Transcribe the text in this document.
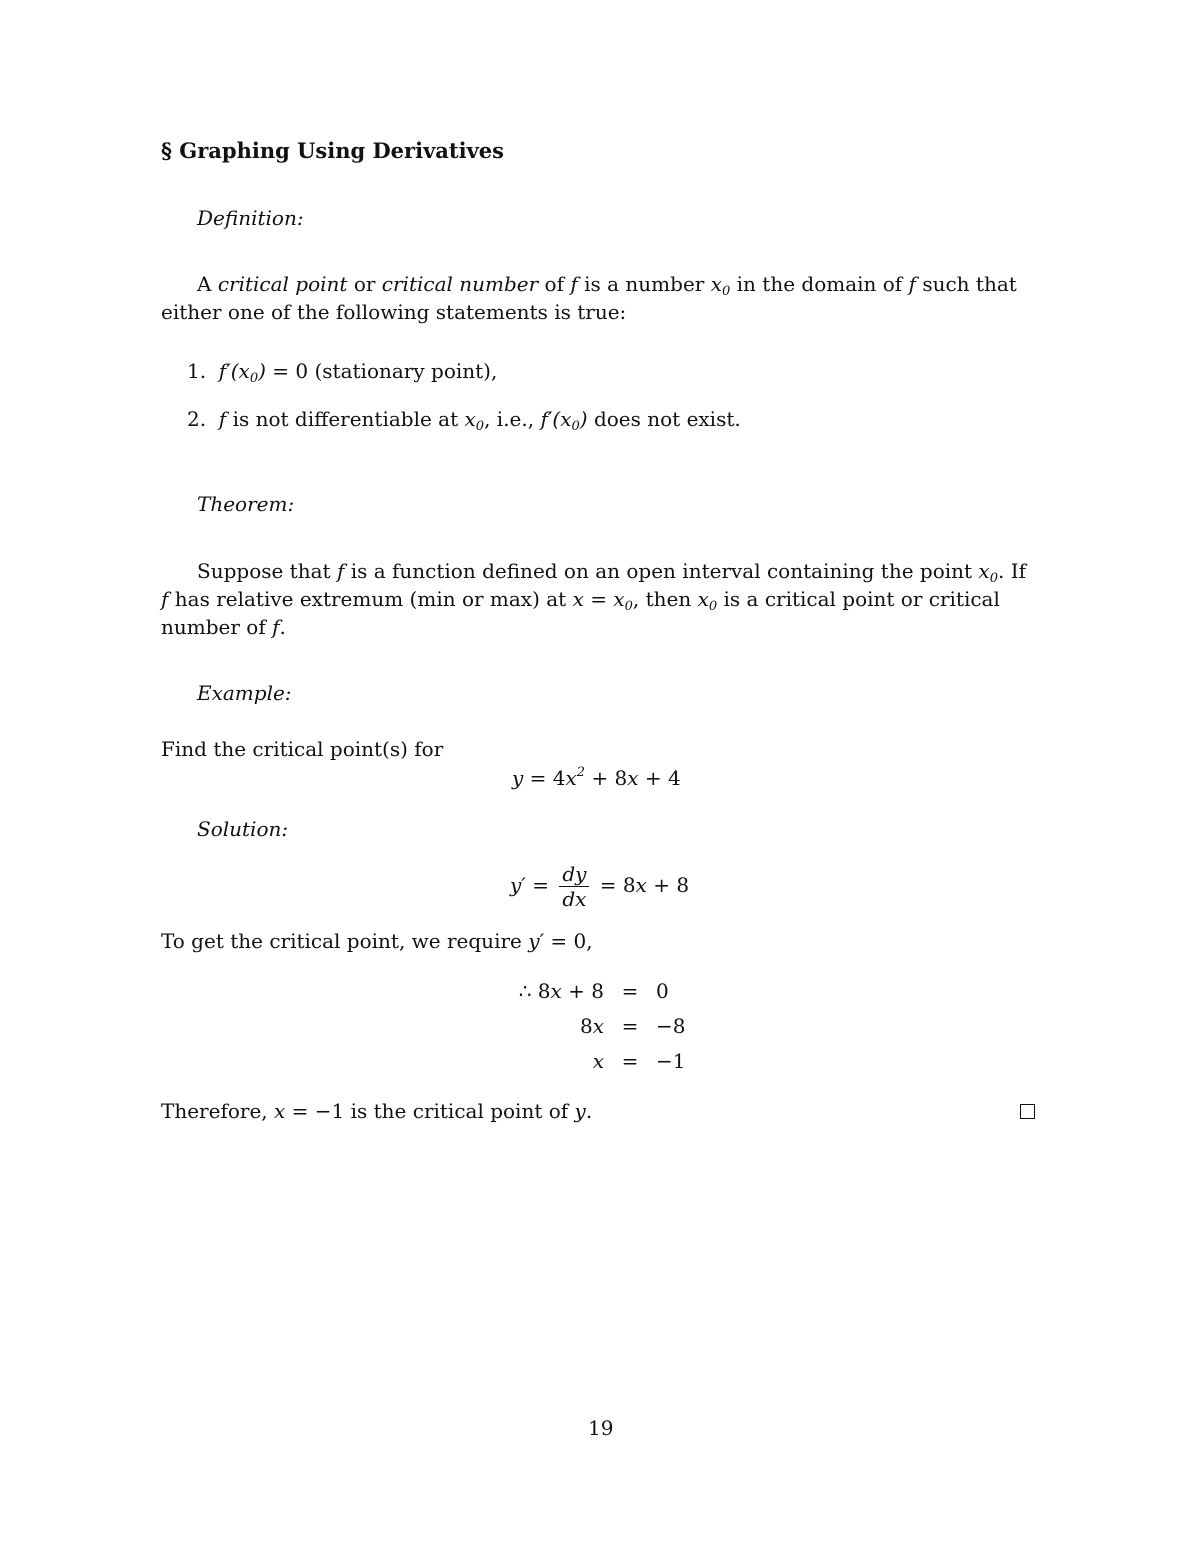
§ Graphing Using Derivatives
Definition:
A critical point or critical number of f is a number $x_0$ in the domain of f such that
either one of the following statements is true:
1.  $f'(x_0) = 0$ (stationary point),
2.  f is not differentiable at $x_0$, i.e., $f'(x_0)$ does not exist.
Theorem:
Suppose that f is a function defined on an open interval containing the point $x_0$. If
f has relative extremum (min or max) at $x = x_0$, then $x_0$ is a critical point or critical
number of f.
Example:
Find the critical point(s) for
$y = 4x^2 + 8x + 4$
Solution:
$y' = \frac{dy}{dx} = 8x + 8$
To get the critical point, we require y′ = 0,
∴ 8x + 8	=	0
8x	=	−8
x	=	−1
Therefore, x = −1 is the critical point of y.
19
